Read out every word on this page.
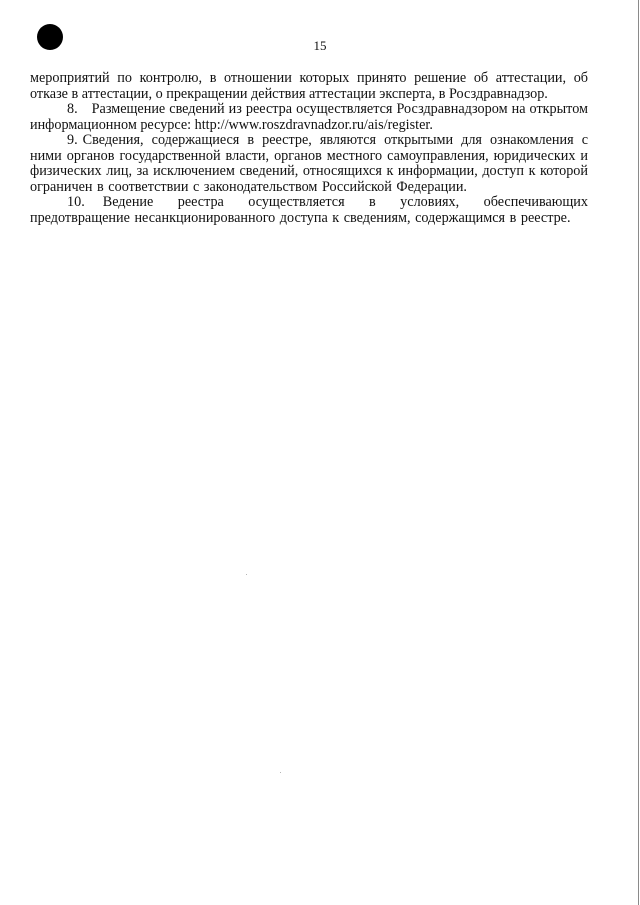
15

мероприятий по контролю, в отношении которых принято решение об аттестации, об отказе в аттестации, о прекращении действия аттестации эксперта, в Росздравнадзор.

8. Размещение сведений из реестра осуществляется Росздравнадзором на открытом информационном ресурсе: http://www.roszdravnadzor.ru/ais/register.

9. Сведения, содержащиеся в реестре, являются открытыми для ознакомления с ними органов государственной власти, органов местного самоуправления, юридических и физических лиц, за исключением сведений, относящихся к информации, доступ к которой ограничен в соответствии с законодательством Российской Федерации.

10. Ведение реестра осуществляется в условиях, обеспечивающих предотвращение несанкционированного доступа к сведениям, содержащимся в реестре.
